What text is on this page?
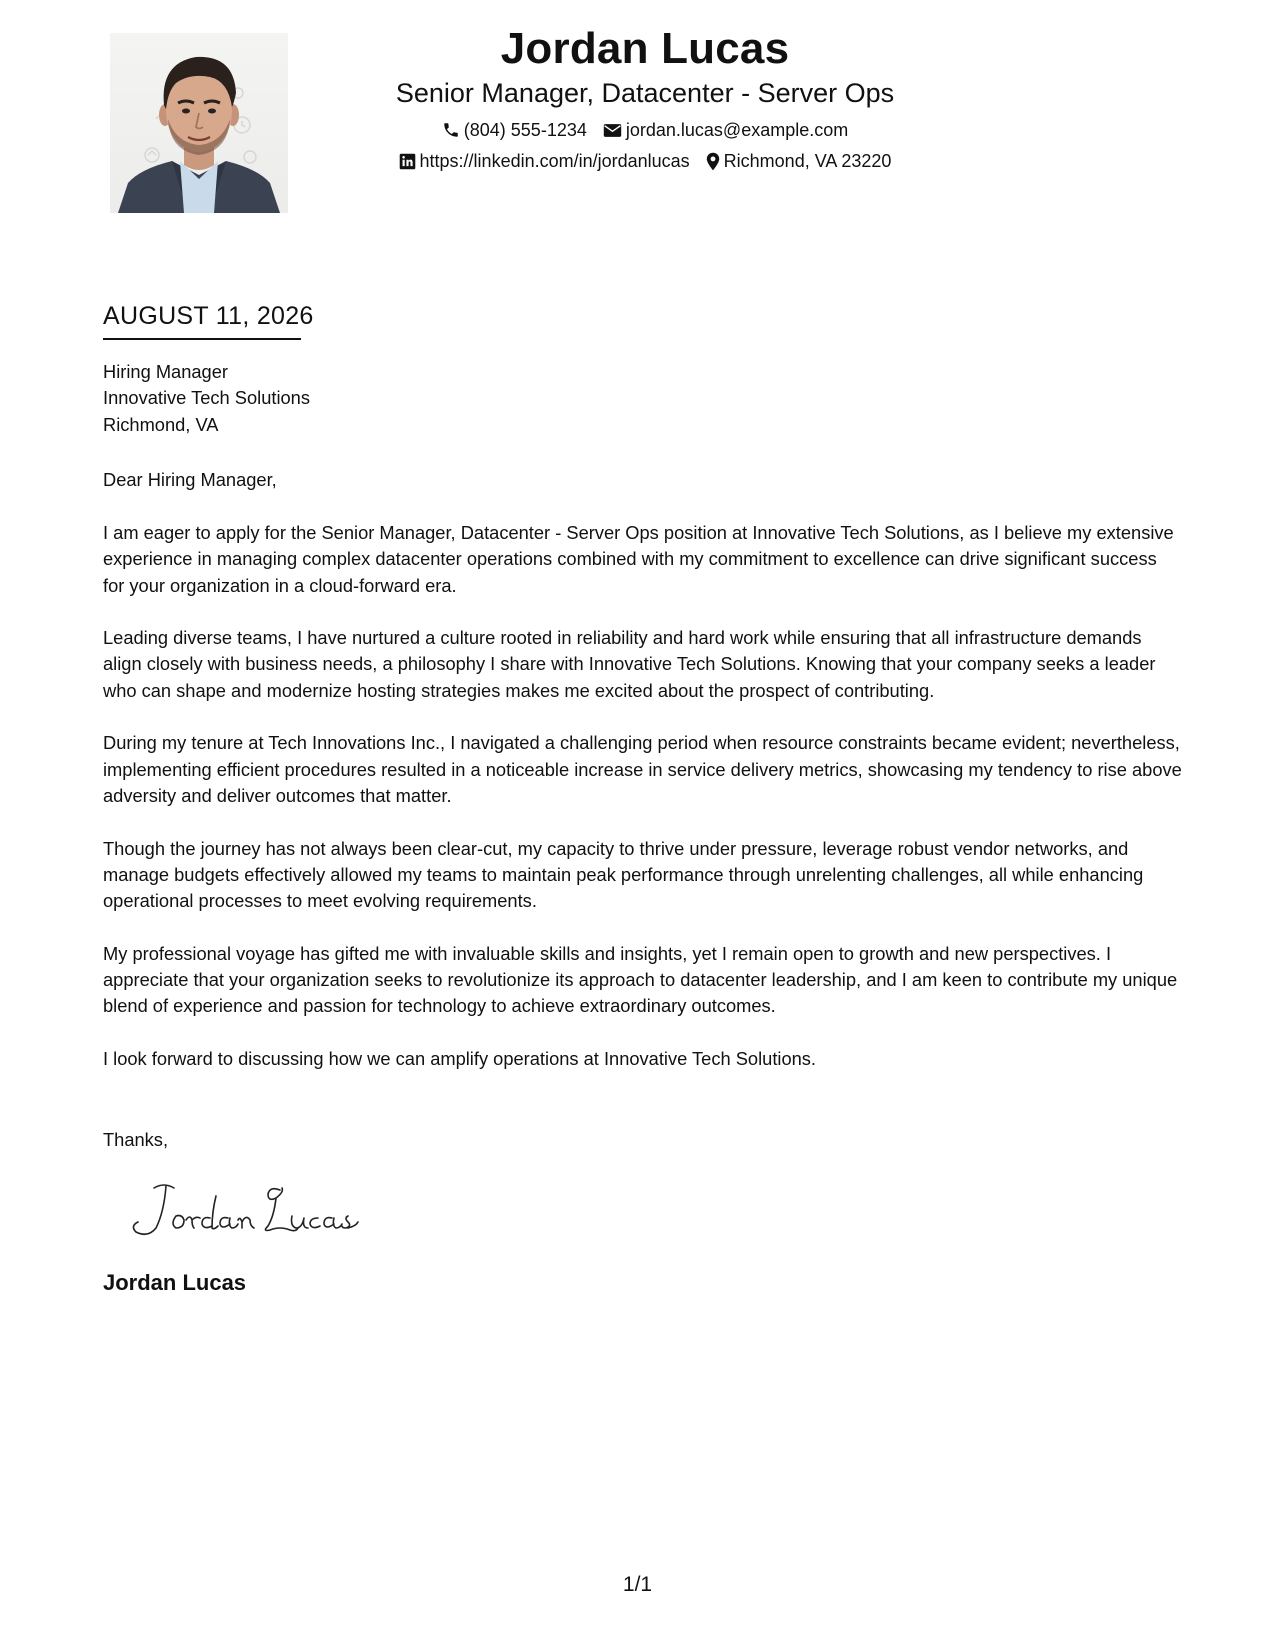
Jordan Lucas
Senior Manager, Datacenter - Server Ops
(804) 555-1234 jordan.lucas@example.com
https://linkedin.com/in/jordanlucas Richmond, VA 23220
AUGUST 11, 2026
Hiring Manager
Innovative Tech Solutions
Richmond, VA
Dear Hiring Manager,

I am eager to apply for the Senior Manager, Datacenter - Server Ops position at Innovative Tech Solutions, as I believe my extensive experience in managing complex datacenter operations combined with my commitment to excellence can drive significant success for your organization in a cloud-forward era.

Leading diverse teams, I have nurtured a culture rooted in reliability and hard work while ensuring that all infrastructure demands align closely with business needs, a philosophy I share with Innovative Tech Solutions. Knowing that your company seeks a leader who can shape and modernize hosting strategies makes me excited about the prospect of contributing.

During my tenure at Tech Innovations Inc., I navigated a challenging period when resource constraints became evident; nevertheless, implementing efficient procedures resulted in a noticeable increase in service delivery metrics, showcasing my tendency to rise above adversity and deliver outcomes that matter.

Though the journey has not always been clear-cut, my capacity to thrive under pressure, leverage robust vendor networks, and manage budgets effectively allowed my teams to maintain peak performance through unrelenting challenges, all while enhancing operational processes to meet evolving requirements.

My professional voyage has gifted me with invaluable skills and insights, yet I remain open to growth and new perspectives. I appreciate that your organization seeks to revolutionize its approach to datacenter leadership, and I am keen to contribute my unique blend of experience and passion for technology to achieve extraordinary outcomes.

I look forward to discussing how we can amplify operations at Innovative Tech Solutions.

Thanks,
Jordan Lucas
1/1
